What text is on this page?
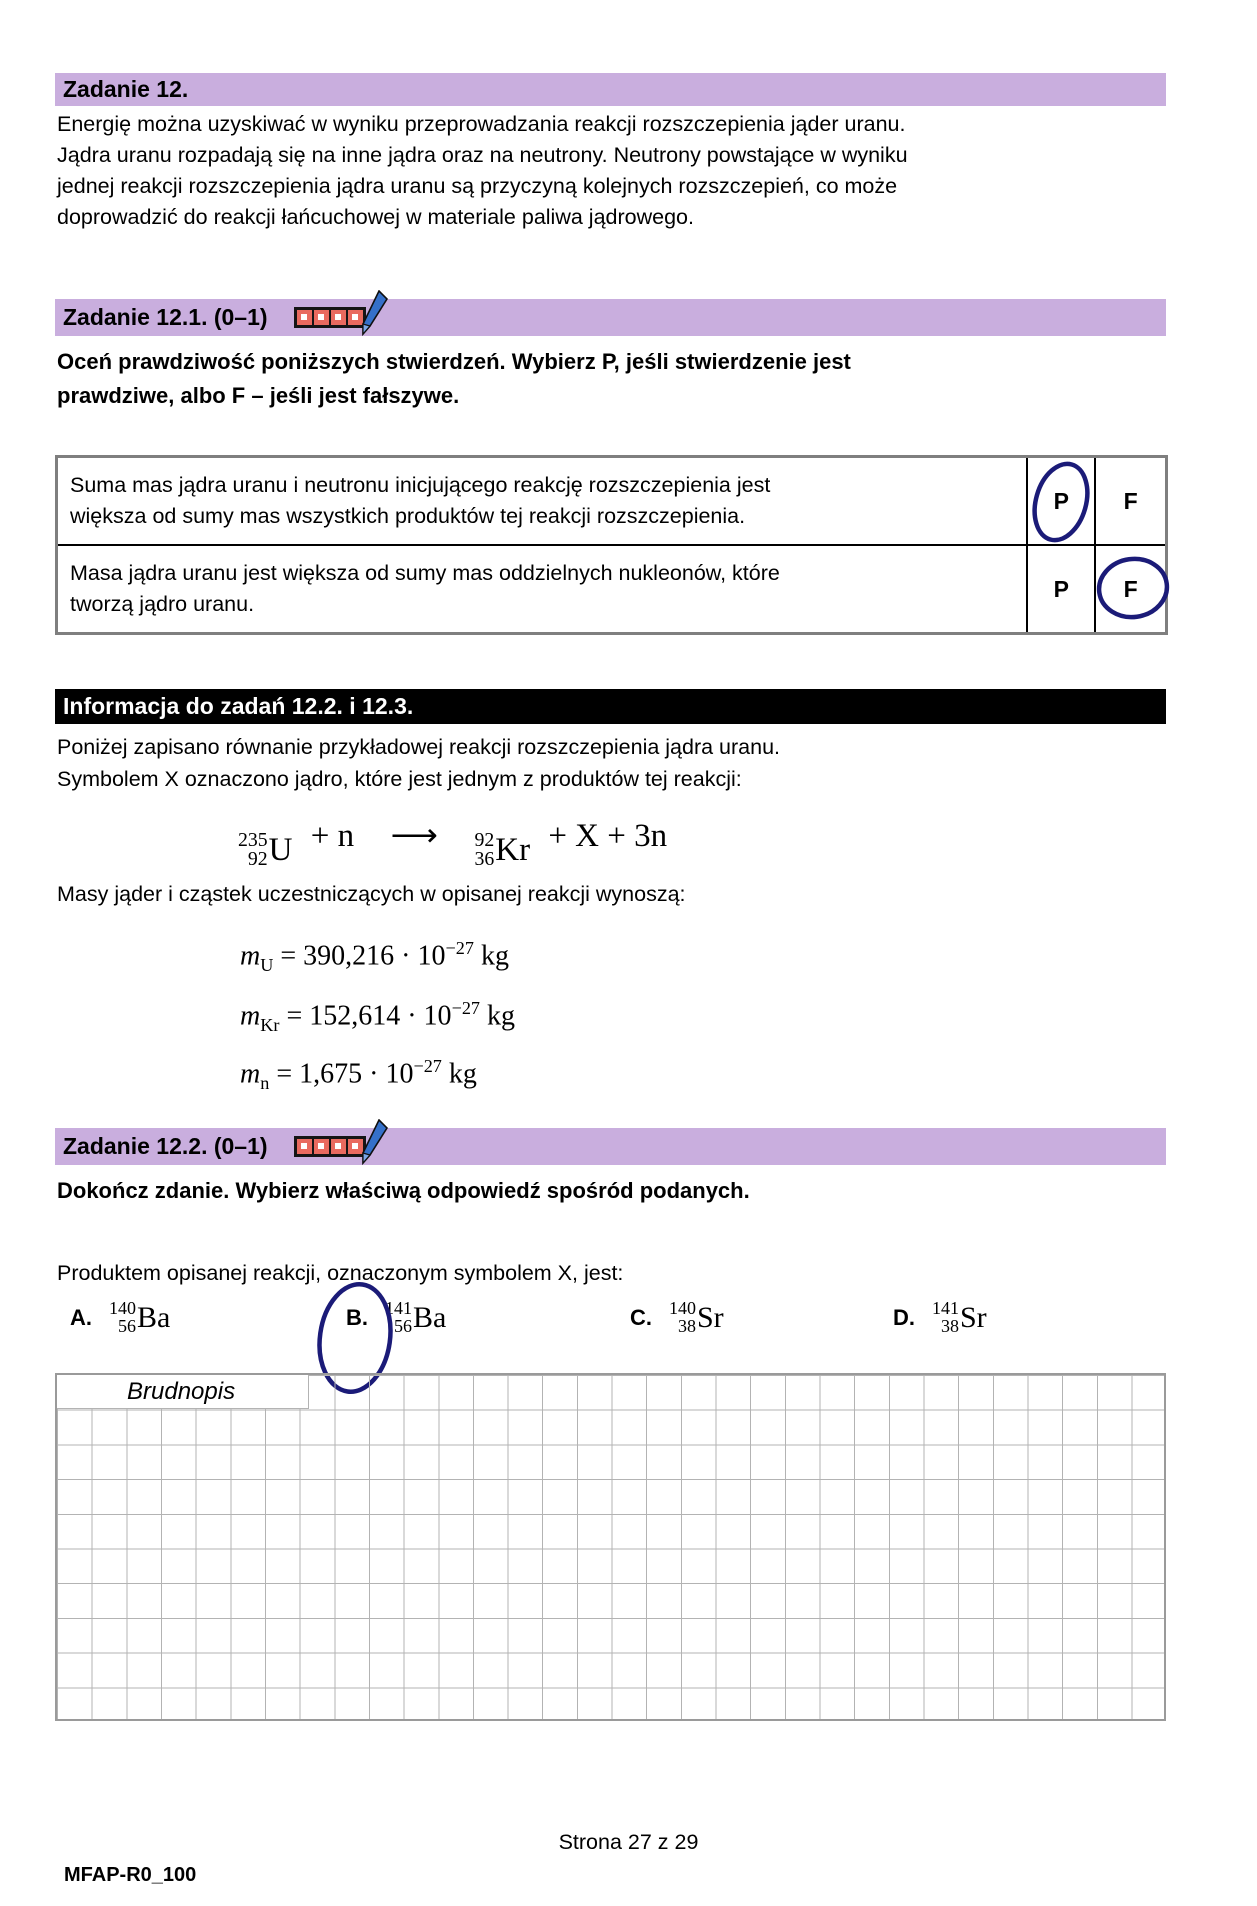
Zadanie 12.
Energię można uzyskiwać w wyniku przeprowadzania reakcji rozszczepienia jąder uranu.
Jądra uranu rozpadają się na inne jądra oraz na neutrony. Neutrony powstające w wyniku
jednej reakcji rozszczepienia jądra uranu są przyczyną kolejnych rozszczepień, co może
doprowadzić do reakcji łańcuchowej w materiale paliwa jądrowego.
Zadanie 12.1. (0–1)
Oceń prawdziwość poniższych stwierdzeń. Wybierz P, jeśli stwierdzenie jest
prawdziwe, albo F – jeśli jest fałszywe.
Suma mas jądra uranu i neutronu inicjującego reakcję rozszczepienia jest
większa od sumy mas wszystkich produktów tej reakcji rozszczepienia.
P F
Masa jądra uranu jest większa od sumy mas oddzielnych nukleonów, które
tworzą jądro uranu.
P F
Informacja do zadań 12.2. i 12.3.
Poniżej zapisano równanie przykładowej reakcji rozszczepienia jądra uranu.
Symbolem X oznaczono jądro, które jest jednym z produktów tej reakcji:
235
92 U + n ⟶ 92
36 Kr + X + 3n
Masy jąder i cząstek uczestniczących w opisanej reakcji wynoszą:
$m_U = 390,216 \cdot 10^{-27}$ kg
$m_{Kr} = 152,614 \cdot 10^{-27}$ kg
$m_n = 1,675 \cdot 10^{-27}$ kg
Zadanie 12.2. (0–1)
Dokończ zdanie. Wybierz właściwą odpowiedź spośród podanych.
Produktem opisanej reakcji, oznaczonym symbolem X, jest:
A. 140
56 Ba	B. 141
56 Ba	C. 140
38 Sr	D. 141
38 Sr
Brudnopis
Strona 27 z 29
MFAP-R0_100
